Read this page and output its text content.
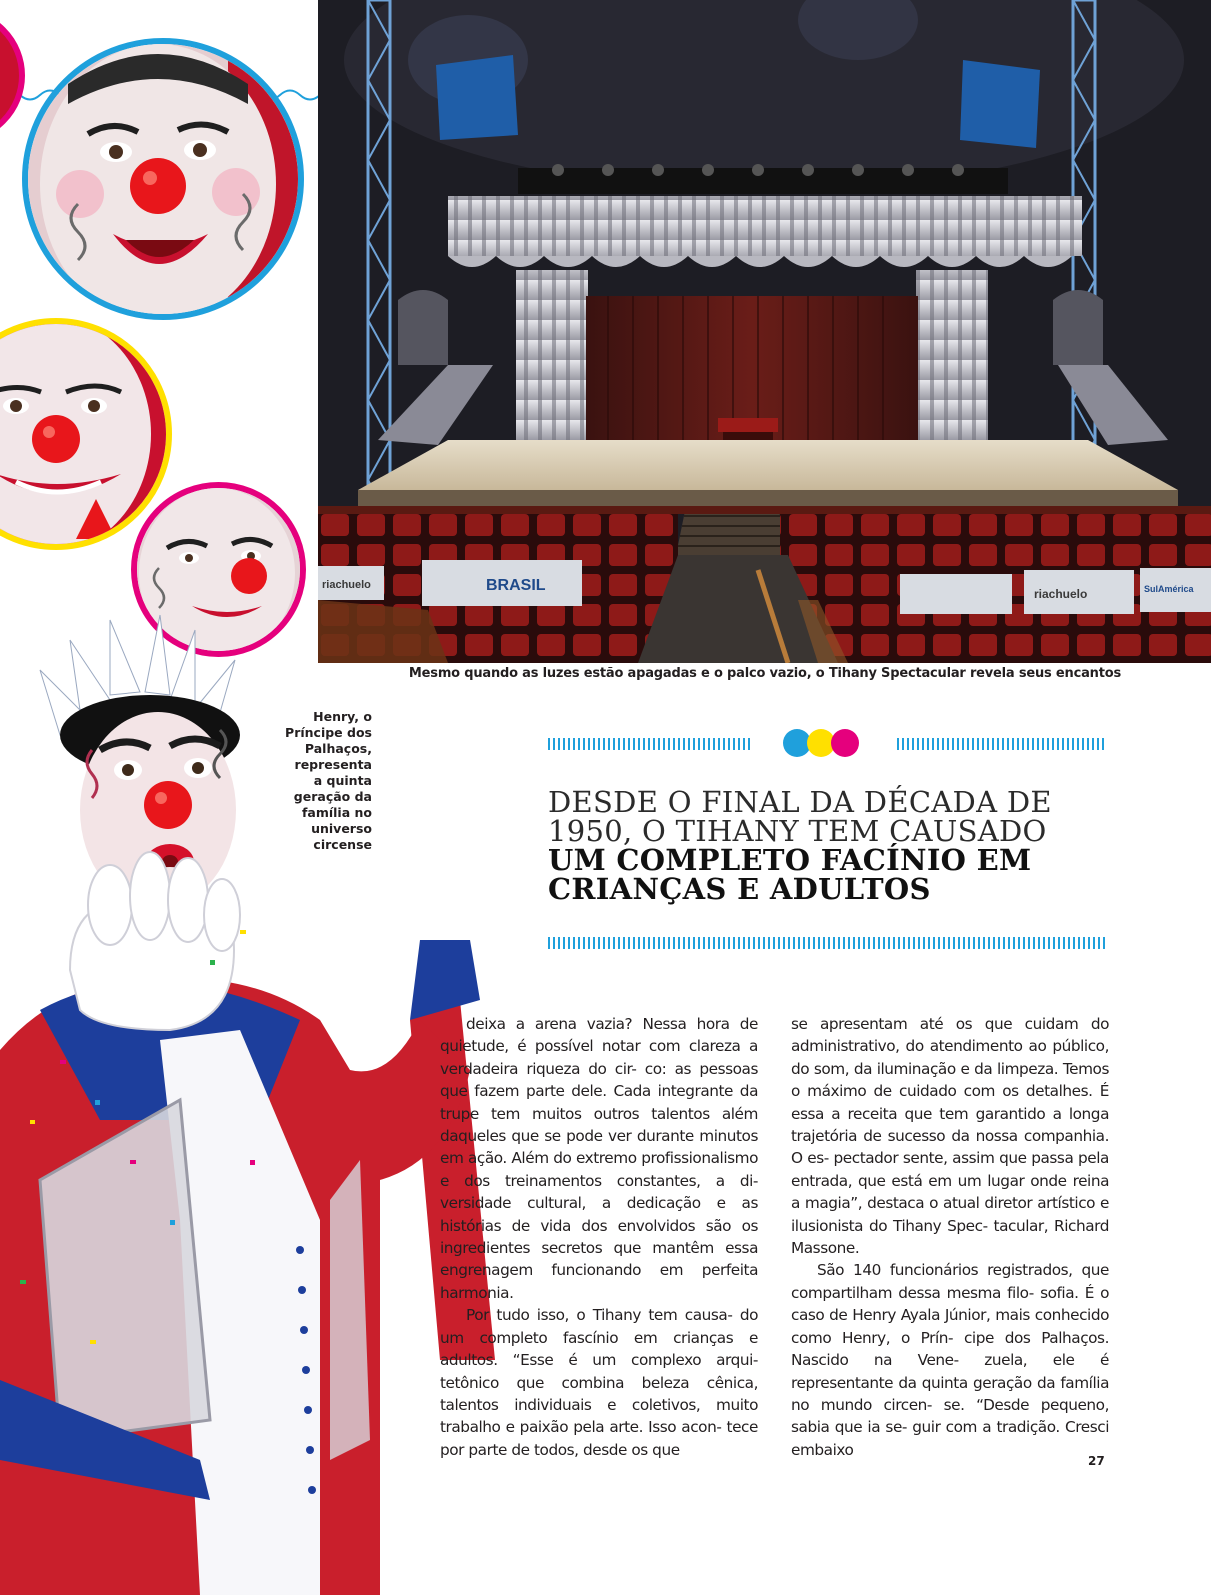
riachuelo	BRASIL	riachuelo	SulAmérica
Mesmo quando as luzes estão apagadas e o palco vazio, o Tihany Spectacular revela seus encantos
Henry, o
Príncipe dos
Palhaços,
representa
a quinta
geração da
família no
universo
circense
DESDE O FINAL DA DÉCADA DE
1950, O TIHANY TEM CAUSADO
UM COMPLETO FACÍNIO EM
CRIANÇAS E ADULTOS

deixa a arena vazia? Nessa hora de quietude, é possível notar com clareza a verdadeira riqueza do cir- co: as pessoas que fazem parte dele. Cada integrante da trupe tem muitos outros talentos além daqueles que se pode ver durante minutos em ação. Além do extremo profissionalismo e dos treinamentos constantes, a di- versidade cultural, a dedicação e as histórias de vida dos envolvidos são os ingredientes secretos que mantêm essa engrenagem funcionando em perfeita harmonia.

Por tudo isso, o Tihany tem causa- do um completo fascínio em crianças e adultos. “Esse é um complexo arqui- tetônico que combina beleza cênica, talentos individuais e coletivos, muito trabalho e paixão pela arte. Isso acon- tece por parte de todos, desde os que

se apresentam até os que cuidam do administrativo, do atendimento ao público, do som, da iluminação e da limpeza. Temos o máximo de cuidado com os detalhes. É essa a receita que tem garantido a longa trajetória de sucesso da nossa companhia. O es- pectador sente, assim que passa pela entrada, que está em um lugar onde reina a magia”, destaca o atual diretor artístico e ilusionista do Tihany Spec- tacular, Richard Massone.

São 140 funcionários registrados, que compartilham dessa mesma filo- sofia. É o caso de Henry Ayala Júnior, mais conhecido como Henry, o Prín- cipe dos Palhaços. Nascido na Vene- zuela, ele é representante da quinta geração da família no mundo circen- se. “Desde pequeno, sabia que ia se- guir com a tradição. Cresci embaixo

27
